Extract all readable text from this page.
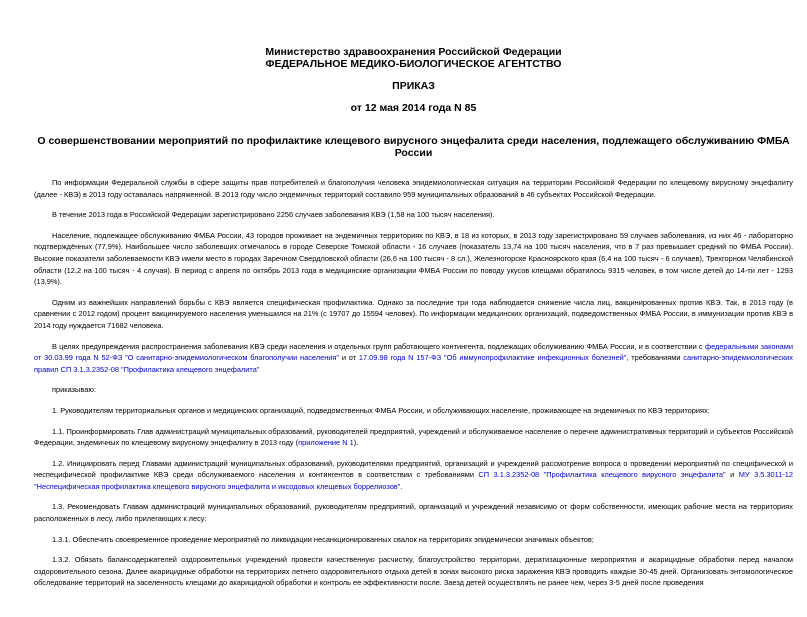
Министерство здравоохранения Российской Федерации
ФЕДЕРАЛЬНОЕ МЕДИКО-БИОЛОГИЧЕСКОЕ АГЕНТСТВО
ПРИКАЗ
от 12 мая 2014 года N 85
О совершенствовании мероприятий по профилактике клещевого вирусного энцефалита среди населения, подлежащего обслуживанию ФМБА России

По информации Федеральной службы в сфере защиты прав потребителей и благополучия человека эпидемиологическая ситуация на территории Российской Федерации по клещевому вирусному энцефалиту (далее - КВЭ) в 2013 году оставалась напряженной. В 2013 году число эндемичных территорий составило 959 муниципальных образований в 46 субъектах Российской Федерации.

В течение 2013 года в Российской Федерации зарегистрировано 2256 случаев заболевания КВЭ (1,58 на 100 тысяч населения).

Население, подлежащее обслуживанию ФМБА России, 43 городов проживает на эндемичных территориях по КВЭ, в 18 из которых, в 2013 году зарегистрировано 59 случаев заболевания, из них 46 - лабораторно подтверждённых (77,9%). Наибольшее число заболевших отмечалось в городе Северске Томской области - 16 случаев (показатель 13,74 на 100 тысяч населения, что в 7 раз превышает средний по ФМБА России). Высокие показатели заболеваемости КВЭ имели место в городах Заречном Свердловской области (26,6 на 100 тысяч - 8 сл.), Железногорске Красноярского края (6,4 на 100 тысяч - 6 случаев), Трехгорном Челябинской области (12,2 на 100 тысяч - 4 случая). В период с апреля по октябрь 2013 года в медицинские организации ФМБА России по поводу укусов клещами обратилось 9315 человек, в том числе детей до 14-ти лет - 1293 (13,9%).

Одним из важнейших направлений борьбы с КВЭ является специфическая профилактика. Однако за последние три года наблюдается снижение числа лиц, вакцинированных против КВЭ. Так, в 2013 году (в сравнении с 2012 годом) процент вакцинируемого населения уменьшился на 21% (с 19707 до 15594 человек). По информации медицинских организаций, подведомственных ФМБА России, в иммунизации против КВЭ в 2014 году нуждается 71682 человека.

В целях предупреждения распространения заболевания КВЭ среди населения и отдельных групп работающего контингента, подлежащих обслуживанию ФМБА России, и в соответствии с федеральными законами от 30.03.99 года N 52-ФЗ "О санитарно-эпидемиологическом благополучии населения" и от 17.09.98 года N 157-ФЗ "Об иммунопрофилактике инфекционных болезней", требованиями санитарно-эпидемиологических правил СП 3.1.3.2352-08 "Профилактика клещевого энцефалита"

приказываю:

1. Руководителям территориальных органов и медицинских организаций, подведомственных ФМБА России, и обслуживающих население, проживающее на эндемичных по КВЭ территориях:

1.1. Проинформировать Глав администраций муниципальных образований, руководителей предприятий, учреждений и обслуживаемое население о перечне административных территорий и субъектов Российской Федерации, эндемичных по клещевому вирусному энцефалиту в 2013 году (приложение N 1).

1.2. Инициировать перед Главами администраций муниципальных образований, руководителями предприятий, организаций и учреждений рассмотрение вопроса о проведении мероприятий по специфической и неспецифической профилактике КВЭ среди обслуживаемого населения и контингентов в соответствии с требованиями СП 3.1.3.2352-08 "Профилактика клещевого вирусного энцефалита" и МУ 3.5.3011-12 "Неспецифическая профилактика клещевого вирусного энцефалита и иксодовых клещевых боррелиозов".

1.3. Рекомендовать Главам администраций муниципальных образований, руководителям предприятий, организаций и учреждений независимо от форм собственности, имеющих рабочие места на территориях расположенных в лесу, либо прилегающих к лесу:

1.3.1. Обеспечить своевременное проведение мероприятий по ликвидации несанкционированных свалок на территориях эпидемически значимых объектов;

1.3.2. Обязать балансодержателей оздоровительных учреждений провести качественную расчистку, благоустройство территории, дератизационные мероприятия и акарицидные обработки перед началом оздоровительного сезона. Далее акарицидные обработки на территориях летнего оздоровительного отдыха детей в зонах высокого риска заражения КВЭ проводить каждые 30-45 дней. Организовать энтомологическое обследование территорий на заселенность клещами до акарицидной обработки и контроль ее эффективности после. Заезд детей осуществлять не ранее чем, через 3-5 дней после проведения
